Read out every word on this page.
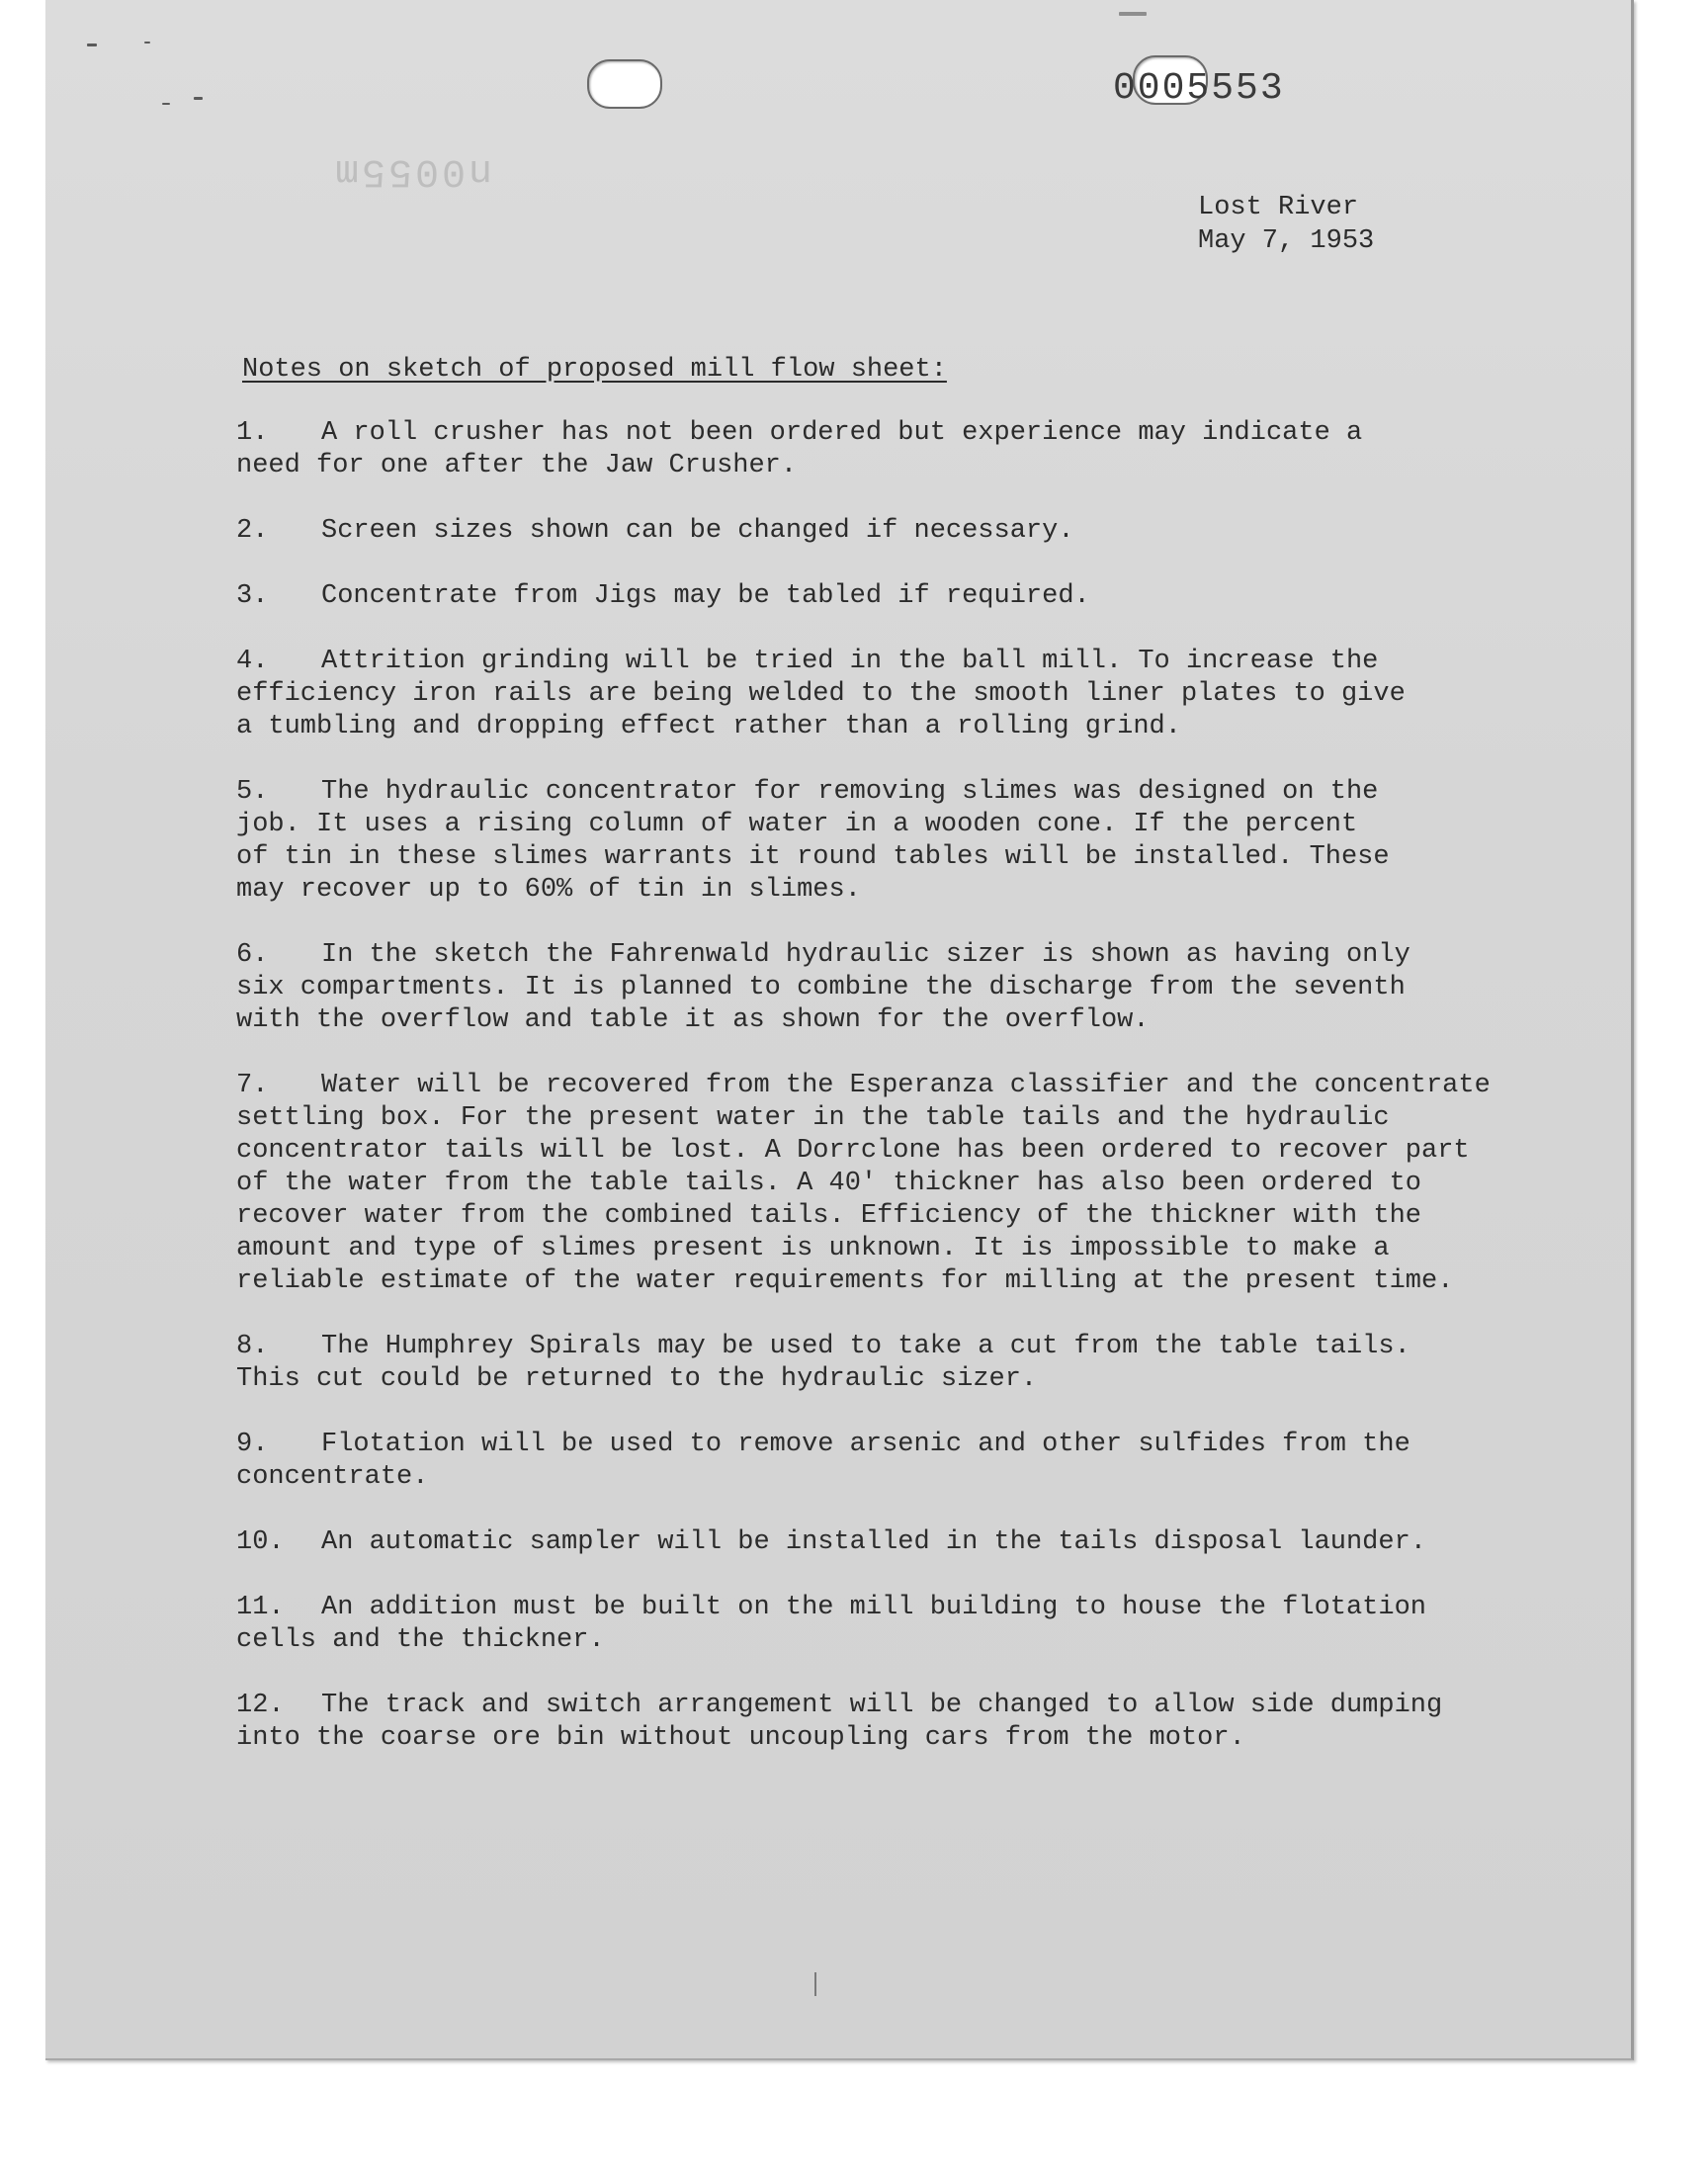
n0055m
0005553
Lost River
May 7, 1953
Notes on sketch of proposed mill flow sheet:
1. A roll crusher has not been ordered but experience may indicate a
need for one after the Jaw Crusher.
2. Screen sizes shown can be changed if necessary.
3. Concentrate from Jigs may be tabled if required.
4. Attrition grinding will be tried in the ball mill. To increase the
efficiency iron rails are being welded to the smooth liner plates to give
a tumbling and dropping effect rather than a rolling grind.
5. The hydraulic concentrator for removing slimes was designed on the
job. It uses a rising column of water in a wooden cone. If the percent
of tin in these slimes warrants it round tables will be installed. These
may recover up to 60% of tin in slimes.
6. In the sketch the Fahrenwald hydraulic sizer is shown as having only
six compartments. It is planned to combine the discharge from the seventh
with the overflow and table it as shown for the overflow.
7. Water will be recovered from the Esperanza classifier and the concentrate
settling box. For the present water in the table tails and the hydraulic
concentrator tails will be lost. A Dorrclone has been ordered to recover part
of the water from the table tails. A 40' thickner has also been ordered to
recover water from the combined tails. Efficiency of the thickner with the
amount and type of slimes present is unknown. It is impossible to make a
reliable estimate of the water requirements for milling at the present time.
8. The Humphrey Spirals may be used to take a cut from the table tails.
This cut could be returned to the hydraulic sizer.
9. Flotation will be used to remove arsenic and other sulfides from the
concentrate.
10. An automatic sampler will be installed in the tails disposal launder.
11. An addition must be built on the mill building to house the flotation
cells and the thickner.
12. The track and switch arrangement will be changed to allow side dumping
into the coarse ore bin without uncoupling cars from the motor.
